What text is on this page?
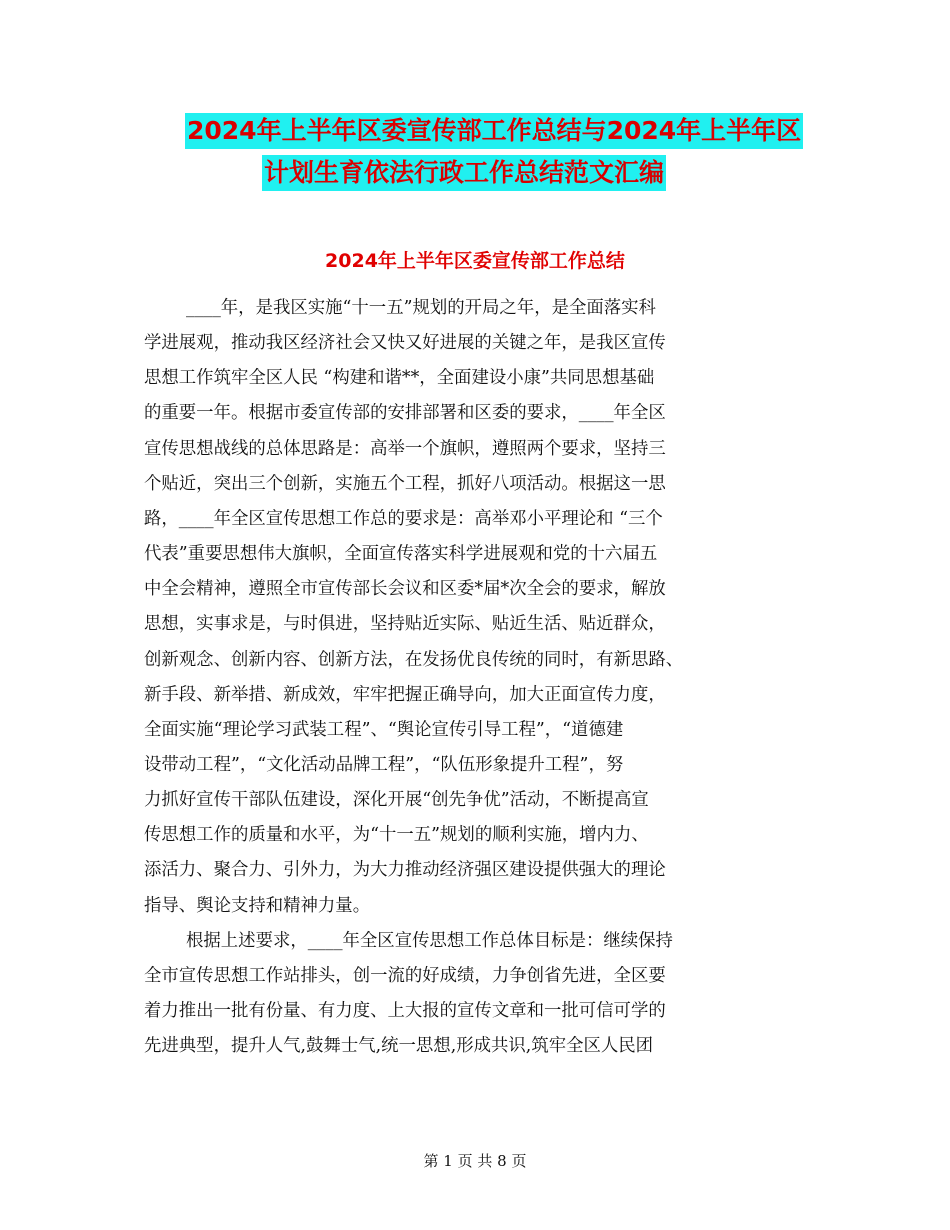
2024年上半年区委宣传部工作总结与2024年上半年区
计划生育依法行政工作总结范文汇编
2024年上半年区委宣传部工作总结
____年，是我区实施“十一五”规划的开局之年，是全面落实科
学进展观，推动我区经济社会又快又好进展的关键之年，是我区宣传
思想工作筑牢全区人民 “构建和谐**，全面建设小康”共同思想基础
的重要一年。根据市委宣传部的安排部署和区委的要求，____年全区
宣传思想战线的总体思路是：高举一个旗帜，遵照两个要求，坚持三
个贴近，突出三个创新，实施五个工程，抓好八项活动。根据这一思
路，____年全区宣传思想工作总的要求是：高举邓小平理论和 “三个
代表”重要思想伟大旗帜，全面宣传落实科学进展观和党的十六届五
中全会精神，遵照全市宣传部长会议和区委*届*次全会的要求，解放
思想，实事求是，与时俱进，坚持贴近实际、贴近生活、贴近群众，
创新观念、创新内容、创新方法，在发扬优良传统的同时，有新思路、
新手段、新举措、新成效，牢牢把握正确导向，加大正面宣传力度，
全面实施“理论学习武装工程”、“舆论宣传引导工程”，“道德建
设带动工程”，“文化活动品牌工程”，“队伍形象提升工程”，努
力抓好宣传干部队伍建设，深化开展“创先争优”活动，不断提高宣
传思想工作的质量和水平，为“十一五”规划的顺利实施，增内力、
添活力、聚合力、引外力，为大力推动经济强区建设提供强大的理论
指导、舆论支持和精神力量。
根据上述要求，____年全区宣传思想工作总体目标是：继续保持
全市宣传思想工作站排头，创一流的好成绩，力争创省先进，全区要
着力推出一批有份量、有力度、上大报的宣传文章和一批可信可学的
先进典型，提升人气,鼓舞士气,统一思想,形成共识,筑牢全区人民团
第 1 页 共 8 页
